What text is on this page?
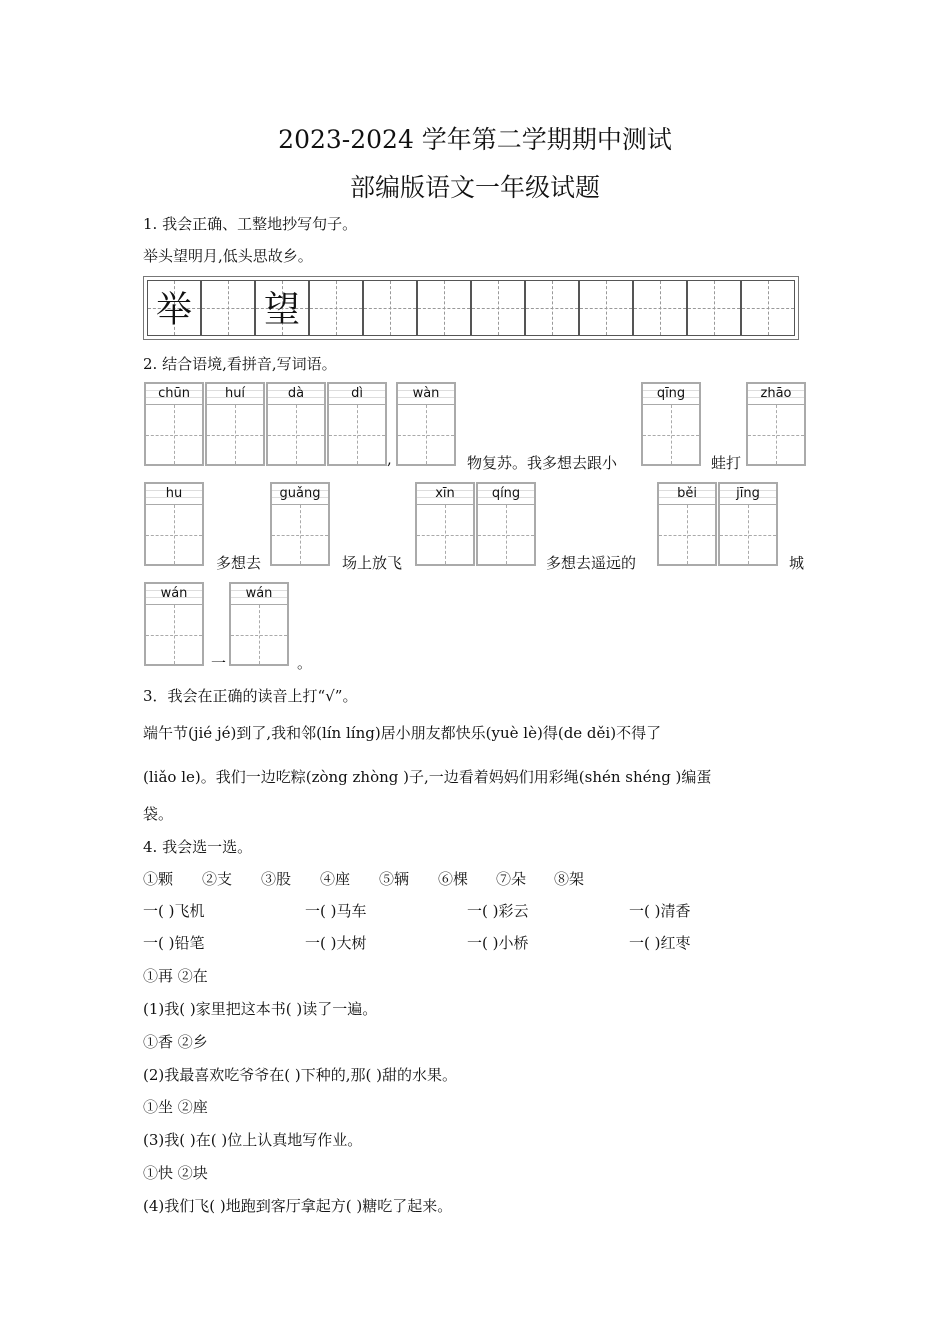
2023-2024 学年第二学期期中测试
部编版语文一年级试题
1. 我会正确、工整地抄写句子。
举头望明月,低头思故乡。
举 望
2. 结合语境,看拼音,写词语。
chūn	huí	dà	dì
,
wàn
物复苏。我多想去跟小
qīng
蛙打
zhāo
hu
多想去
guǎng
场上放飞
xīn	qíng
多想去遥远的
běi	jīng
城
wán
一
wán
。
3．我会在正确的读音上打“√”。
端午节(jié jé)到了,我和邻(lín líng)居小朋友都快乐(yuè lè)得(de děi)不得了
(liǎo le)。我们一边吃粽(zòng zhòng )子,一边看着妈妈们用彩绳(shén shéng )编蛋
袋。
4. 我会选一选。
①颗 ②支 ③股 ④座 ⑤辆 ⑥棵 ⑦朵 ⑧架
一( )飞机	一( )马车	一( )彩云	一( )清香
一( )铅笔	一( )大树	一( )小桥	一( )红枣
①再 ②在
(1)我( )家里把这本书( )读了一遍。
①香 ②乡
(2)我最喜欢吃爷爷在( )下种的,那( )甜的水果。
①坐 ②座
(3)我( )在( )位上认真地写作业。
①快 ②块
(4)我们飞( )地跑到客厅拿起方( )糖吃了起来。
